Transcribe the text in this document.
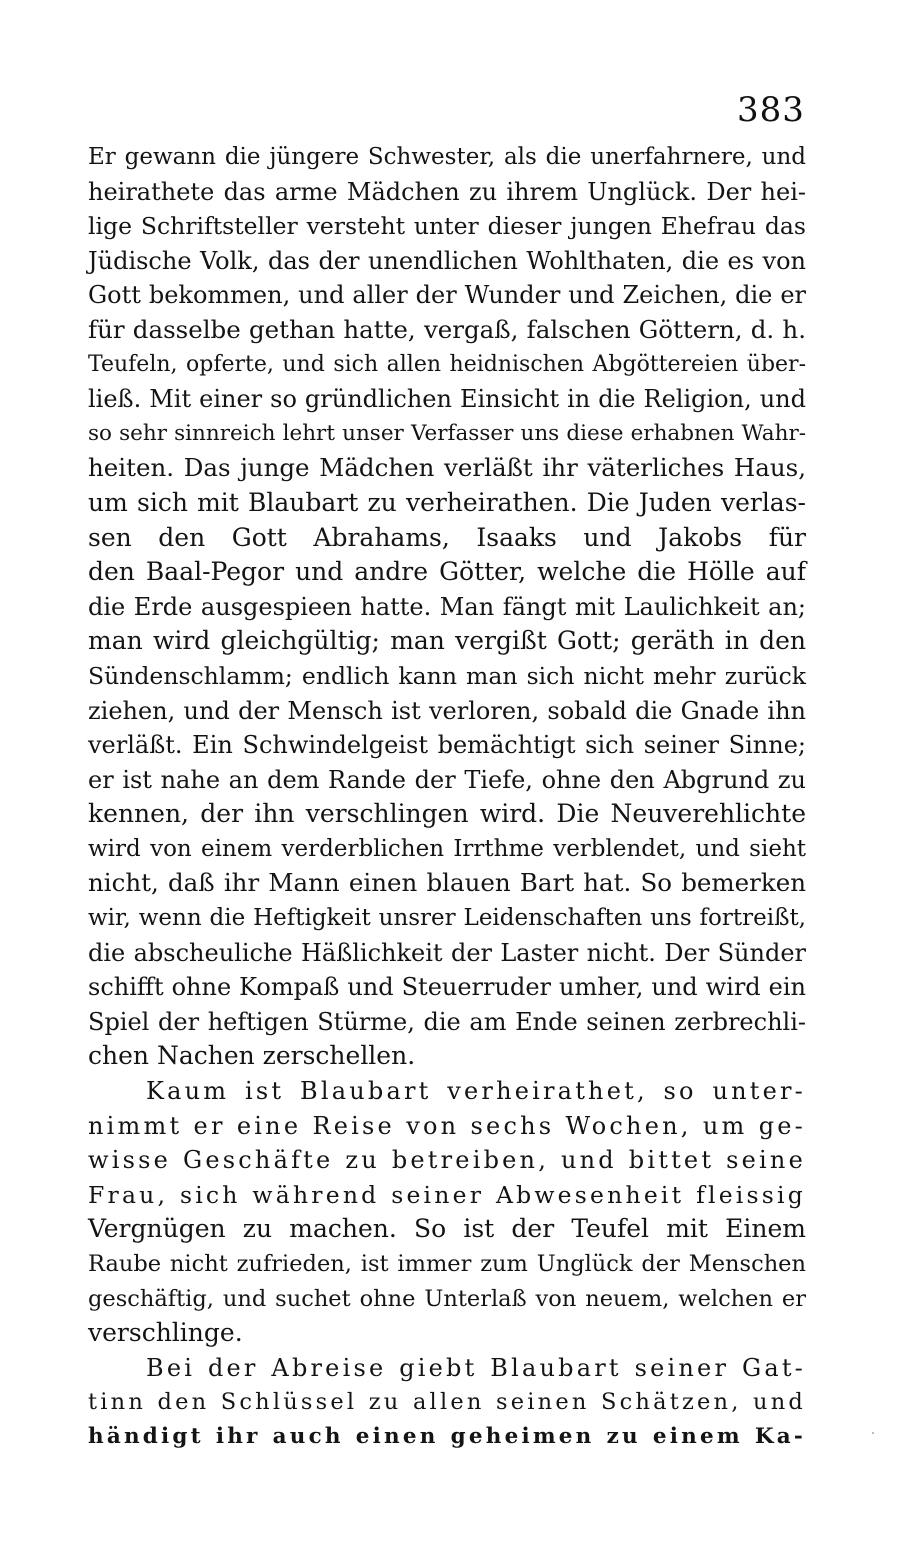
383
Er gewann die jüngere Schwester, als die unerfahrnere, und
heirathete das arme Mädchen zu ihrem Unglück. Der hei-
lige Schriftsteller versteht unter dieser jungen Ehefrau das
Jüdische Volk, das der unendlichen Wohlthaten, die es von
Gott bekommen, und aller der Wunder und Zeichen, die er
für dasselbe gethan hatte, vergaß, falschen Göttern, d. h.
Teufeln, opferte, und sich allen heidnischen Abgöttereien über-
ließ. Mit einer so gründlichen Einsicht in die Religion, und
so sehr sinnreich lehrt unser Verfasser uns diese erhabnen Wahr-
heiten. Das junge Mädchen verläßt ihr väterliches Haus,
um sich mit Blaubart zu verheirathen. Die Juden verlas-
sen den Gott Abrahams, Isaaks und Jakobs für
den Baal-Pegor und andre Götter, welche die Hölle auf
die Erde ausgespieen hatte. Man fängt mit Laulichkeit an;
man wird gleichgültig; man vergißt Gott; geräth in den
Sündenschlamm; endlich kann man sich nicht mehr zurück
ziehen, und der Mensch ist verloren, sobald die Gnade ihn
verläßt. Ein Schwindelgeist bemächtigt sich seiner Sinne;
er ist nahe an dem Rande der Tiefe, ohne den Abgrund zu
kennen, der ihn verschlingen wird. Die Neuverehlichte
wird von einem verderblichen Irrthme verblendet, und sieht
nicht, daß ihr Mann einen blauen Bart hat. So bemerken
wir, wenn die Heftigkeit unsrer Leidenschaften uns fortreißt,
die abscheuliche Häßlichkeit der Laster nicht. Der Sünder
schifft ohne Kompaß und Steuerruder umher, und wird ein
Spiel der heftigen Stürme, die am Ende seinen zerbrechli-
chen Nachen zerschellen.
Kaum ist Blaubart verheirathet, so unter-
nimmt er eine Reise von sechs Wochen, um ge-
wisse Geschäfte zu betreiben, und bittet seine
Frau, sich während seiner Abwesenheit fleissig
Vergnügen zu machen. So ist der Teufel mit Einem
Raube nicht zufrieden, ist immer zum Unglück der Menschen
geschäftig, und suchet ohne Unterlaß von neuem, welchen er
verschlinge.
Bei der Abreise giebt Blaubart seiner Gat-
tinn den Schlüssel zu allen seinen Schätzen, und
händigt ihr auch einen geheimen zu einem Ka-
